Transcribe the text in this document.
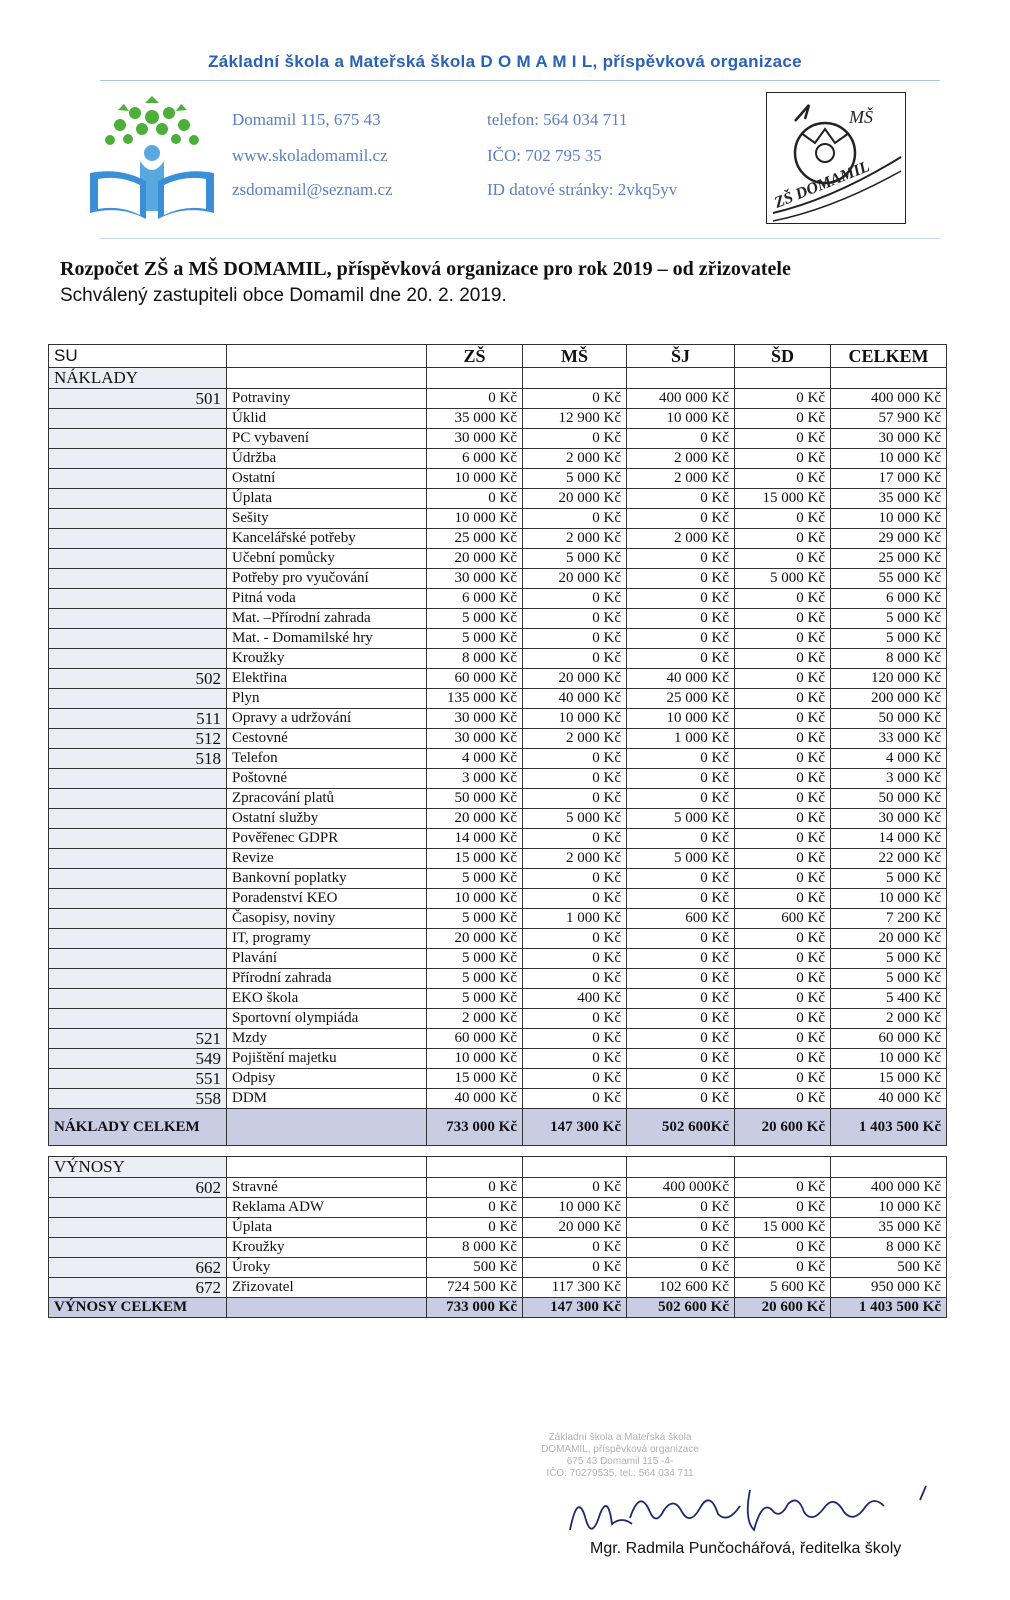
Základní škola a Mateřská škola D O M A M I L, příspěvková organizace
Domamil 115, 675 43
www.skoladomamil.cz
zsdomamil@seznam.cz
telefon: 564 034 711
IČO: 702 795 35
ID datové stránky: 2vkq5yv
MŠ
ZŠ DOMAMIL
Rozpočet ZŠ a MŠ DOMAMIL, příspěvková organizace pro rok 2019 – od zřizovatele
Schválený zastupiteli obce Domamil dne 20. 2. 2019.
SU		ZŠ	MŠ	ŠJ	ŠD	CELKEM
NÁKLADY						
501	Potraviny	0 Kč	0 Kč	400 000 Kč	0 Kč	400 000 Kč
	Úklid	35 000 Kč	12 900 Kč	10 000 Kč	0 Kč	57 900 Kč
	PC vybavení	30 000 Kč	0 Kč	0 Kč	0 Kč	30 000 Kč
	Údržba	6 000 Kč	2 000 Kč	2 000 Kč	0 Kč	10 000 Kč
	Ostatní	10 000 Kč	5 000 Kč	2 000 Kč	0 Kč	17 000 Kč
	Úplata	0 Kč	20 000 Kč	0 Kč	15 000 Kč	35 000 Kč
	Sešity	10 000 Kč	0 Kč	0 Kč	0 Kč	10 000 Kč
	Kancelářské potřeby	25 000 Kč	2 000 Kč	2 000 Kč	0 Kč	29 000 Kč
	Učební pomůcky	20 000 Kč	5 000 Kč	0 Kč	0 Kč	25 000 Kč
	Potřeby pro vyučování	30 000 Kč	20 000 Kč	0 Kč	5 000 Kč	55 000 Kč
	Pitná voda	6 000 Kč	0 Kč	0 Kč	0 Kč	6 000 Kč
	Mat. –Přírodní zahrada	5 000 Kč	0 Kč	0 Kč	0 Kč	5 000 Kč
	Mat. - Domamilské hry	5 000 Kč	0 Kč	0 Kč	0 Kč	5 000 Kč
	Kroužky	8 000 Kč	0 Kč	0 Kč	0 Kč	8 000 Kč
502	Elektřina	60 000 Kč	20 000 Kč	40 000 Kč	0 Kč	120 000 Kč
	Plyn	135 000 Kč	40 000 Kč	25 000 Kč	0 Kč	200 000 Kč
511	Opravy a udržování	30 000 Kč	10 000 Kč	10 000 Kč	0 Kč	50 000 Kč
512	Cestovné	30 000 Kč	2 000 Kč	1 000 Kč	0 Kč	33 000 Kč
518	Telefon	4 000 Kč	0 Kč	0 Kč	0 Kč	4 000 Kč
	Poštovné	3 000 Kč	0 Kč	0 Kč	0 Kč	3 000 Kč
	Zpracování platů	50 000 Kč	0 Kč	0 Kč	0 Kč	50 000 Kč
	Ostatní služby	20 000 Kč	5 000 Kč	5 000 Kč	0 Kč	30 000 Kč
	Pověřenec GDPR	14 000 Kč	0 Kč	0 Kč	0 Kč	14 000 Kč
	Revize	15 000 Kč	2 000 Kč	5 000 Kč	0 Kč	22 000 Kč
	Bankovní poplatky	5 000 Kč	0 Kč	0 Kč	0 Kč	5 000 Kč
	Poradenství KEO	10 000 Kč	0 Kč	0 Kč	0 Kč	10 000 Kč
	Časopisy, noviny	5 000 Kč	1 000 Kč	600 Kč	600 Kč	7 200 Kč
	IT, programy	20 000 Kč	0 Kč	0 Kč	0 Kč	20 000 Kč
	Plavání	5 000 Kč	0 Kč	0 Kč	0 Kč	5 000 Kč
	Přírodní zahrada	5 000 Kč	0 Kč	0 Kč	0 Kč	5 000 Kč
	EKO škola	5 000 Kč	400 Kč	0 Kč	0 Kč	5 400 Kč
	Sportovní olympiáda	2 000 Kč	0 Kč	0 Kč	0 Kč	2 000 Kč
521	Mzdy	60 000 Kč	0 Kč	0 Kč	0 Kč	60 000 Kč
549	Pojištění majetku	10 000 Kč	0 Kč	0 Kč	0 Kč	10 000 Kč
551	Odpisy	15 000 Kč	0 Kč	0 Kč	0 Kč	15 000 Kč
558	DDM	40 000 Kč	0 Kč	0 Kč	0 Kč	40 000 Kč
NÁKLADY CELKEM		733 000 Kč	147 300 Kč	502 600Kč	20 600 Kč	1 403 500 Kč

VÝNOSY						
602	Stravné	0 Kč	0 Kč	400 000Kč	0 Kč	400 000 Kč
	Reklama ADW	0 Kč	10 000 Kč	0 Kč	0 Kč	10 000 Kč
	Úplata	0 Kč	20 000 Kč	0 Kč	15 000 Kč	35 000 Kč
	Kroužky	8 000 Kč	0 Kč	0 Kč	0 Kč	8 000 Kč
662	Úroky	500 Kč	0 Kč	0 Kč	0 Kč	500 Kč
672	Zřizovatel	724 500 Kč	117 300 Kč	102 600 Kč	5 600 Kč	950 000 Kč
VÝNOSY CELKEM		733 000 Kč	147 300 Kč	502 600 Kč	20 600 Kč	1 403 500 Kč
Základní škola a Mateřská škola
DOMAMIL, příspěvková organizace
675 43 Domamil 115 -4-
IČO: 70279535, tel.: 564 034 711
Mgr. Radmila Punčochářová, ředitelka školy
